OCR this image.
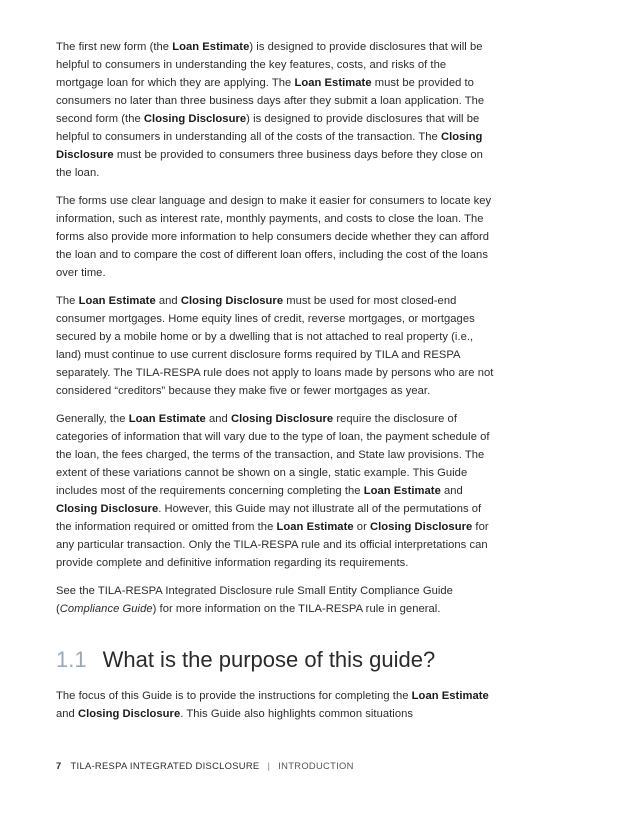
The first new form (the Loan Estimate) is designed to provide disclosures that will be helpful to consumers in understanding the key features, costs, and risks of the mortgage loan for which they are applying. The Loan Estimate must be provided to consumers no later than three business days after they submit a loan application. The second form (the Closing Disclosure) is designed to provide disclosures that will be helpful to consumers in understanding all of the costs of the transaction. The Closing Disclosure must be provided to consumers three business days before they close on the loan.

The forms use clear language and design to make it easier for consumers to locate key information, such as interest rate, monthly payments, and costs to close the loan. The forms also provide more information to help consumers decide whether they can afford the loan and to compare the cost of different loan offers, including the cost of the loans over time.

The Loan Estimate and Closing Disclosure must be used for most closed-end consumer mortgages. Home equity lines of credit, reverse mortgages, or mortgages secured by a mobile home or by a dwelling that is not attached to real property (i.e., land) must continue to use current disclosure forms required by TILA and RESPA separately. The TILA-RESPA rule does not apply to loans made by persons who are not considered “creditors” because they make five or fewer mortgages as year.

Generally, the Loan Estimate and Closing Disclosure require the disclosure of categories of information that will vary due to the type of loan, the payment schedule of the loan, the fees charged, the terms of the transaction, and State law provisions. The extent of these variations cannot be shown on a single, static example. This Guide includes most of the requirements concerning completing the Loan Estimate and Closing Disclosure. However, this Guide may not illustrate all of the permutations of the information required or omitted from the Loan Estimate or Closing Disclosure for any particular transaction. Only the TILA-RESPA rule and its official interpretations can provide complete and definitive information regarding its requirements.

See the TILA-RESPA Integrated Disclosure rule Small Entity Compliance Guide (Compliance Guide) for more information on the TILA-RESPA rule in general.

1.1 What is the purpose of this guide?

The focus of this Guide is to provide the instructions for completing the Loan Estimate and Closing Disclosure. This Guide also highlights common situations

7 TILA-RESPA INTEGRATED DISCLOSURE | INTRODUCTION
